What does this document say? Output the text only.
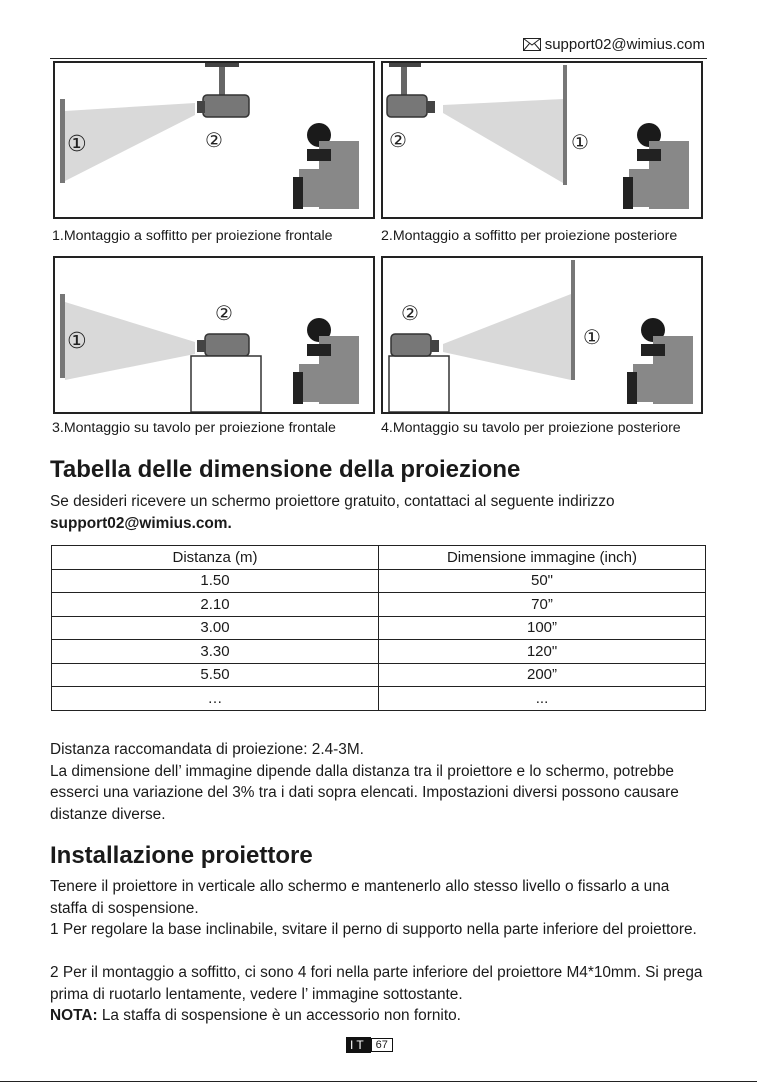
support02@wimius.com
①	②
1.Montaggio a soffitto per proiezione frontale
②	①
2.Montaggio a soffitto per proiezione posteriore
①
②
3.Montaggio su tavolo per proiezione frontale
②
①
4.Montaggio su tavolo per proiezione posteriore
Tabella delle dimensione della proiezione

Se desideri ricevere un schermo proiettore gratuito, contattaci al seguente indirizzo
support02@wimius.com.

Distanza (m)	Dimensione immagine (inch)
1.50	50"
2.10	70”
3.00	100”
3.30	120"
5.50	200”
…	...

Distanza raccomandata di proiezione: 2.4-3M.
La dimensione dell’ immagine dipende dalla distanza tra il proiettore e lo schermo, potrebbe esserci una variazione del 3% tra i dati sopra elencati. Impostazioni diversi possono causare distanze diverse.

Installazione proiettore

Tenere il proiettore in verticale allo schermo e mantenerlo allo stesso livello o fissarlo a una staffa di sospensione.

1 Per regolare la base inclinabile, svitare il perno di supporto nella parte inferiore del proiettore.

2 Per il montaggio a soffitto, ci sono 4 fori nella parte inferiore del proiettore M4*10mm. Si prega prima di ruotarlo lentamente, vedere l’ immagine sottostante.

NOTA: La staffa di sospensione è un accessorio non fornito.

IT 67
